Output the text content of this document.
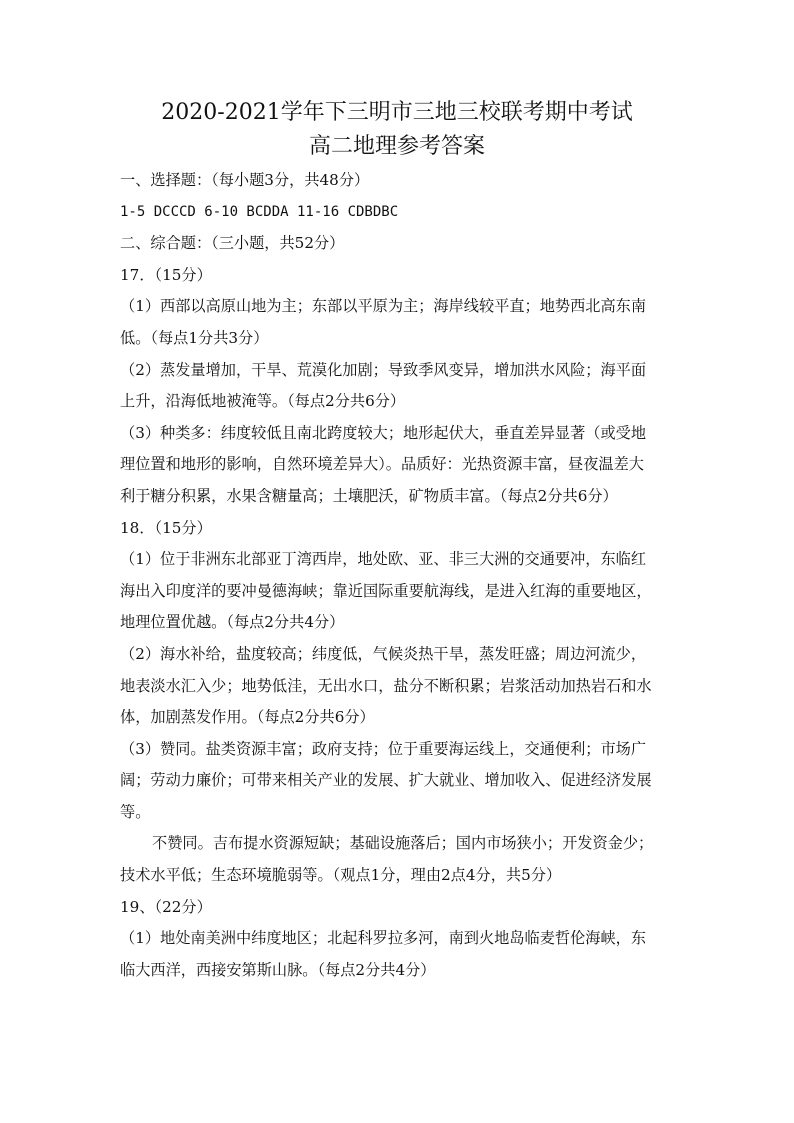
2020-2021学年下三明市三地三校联考期中考试
高二地理参考答案
一、选择题：（每小题3分，共48分）
1-5 DCCCD 6-10 BCDDA 11-16 CDBDBC
二、综合题：（三小题，共52分）
17．（15分）
（1）西部以高原山地为主；东部以平原为主；海岸线较平直；地势西北高东南
低。（每点1分共3分）
（2）蒸发量增加，干旱、荒漠化加剧；导致季风变异，增加洪水风险；海平面
上升，沿海低地被淹等。（每点2分共6分）
（3）种类多：纬度较低且南北跨度较大；地形起伏大，垂直差异显著（或受地
理位置和地形的影响，自然环境差异大）。品质好：光热资源丰富，昼夜温差大
利于糖分积累，水果含糖量高；土壤肥沃，矿物质丰富。（每点2分共6分）
18．（15分）
（1）位于非洲东北部亚丁湾西岸，地处欧、亚、非三大洲的交通要冲，东临红
海出入印度洋的要冲曼德海峡；靠近国际重要航海线，是进入红海的重要地区，
地理位置优越。（每点2分共4分）
（2）海水补给，盐度较高；纬度低，气候炎热干旱，蒸发旺盛；周边河流少，
地表淡水汇入少；地势低洼，无出水口，盐分不断积累；岩浆活动加热岩石和水
体，加剧蒸发作用。（每点2分共6分）
（3）赞同。盐类资源丰富；政府支持；位于重要海运线上，交通便利；市场广
阔；劳动力廉价；可带来相关产业的发展、扩大就业、增加收入、促进经济发展
等。
不赞同。吉布提水资源短缺；基础设施落后；国内市场狭小；开发资金少；
技术水平低；生态环境脆弱等。（观点1分，理由2点4分，共5分）
19、（22分）
（1）地处南美洲中纬度地区；北起科罗拉多河，南到火地岛临麦哲伦海峡，东
临大西洋，西接安第斯山脉。（每点2分共4分）
